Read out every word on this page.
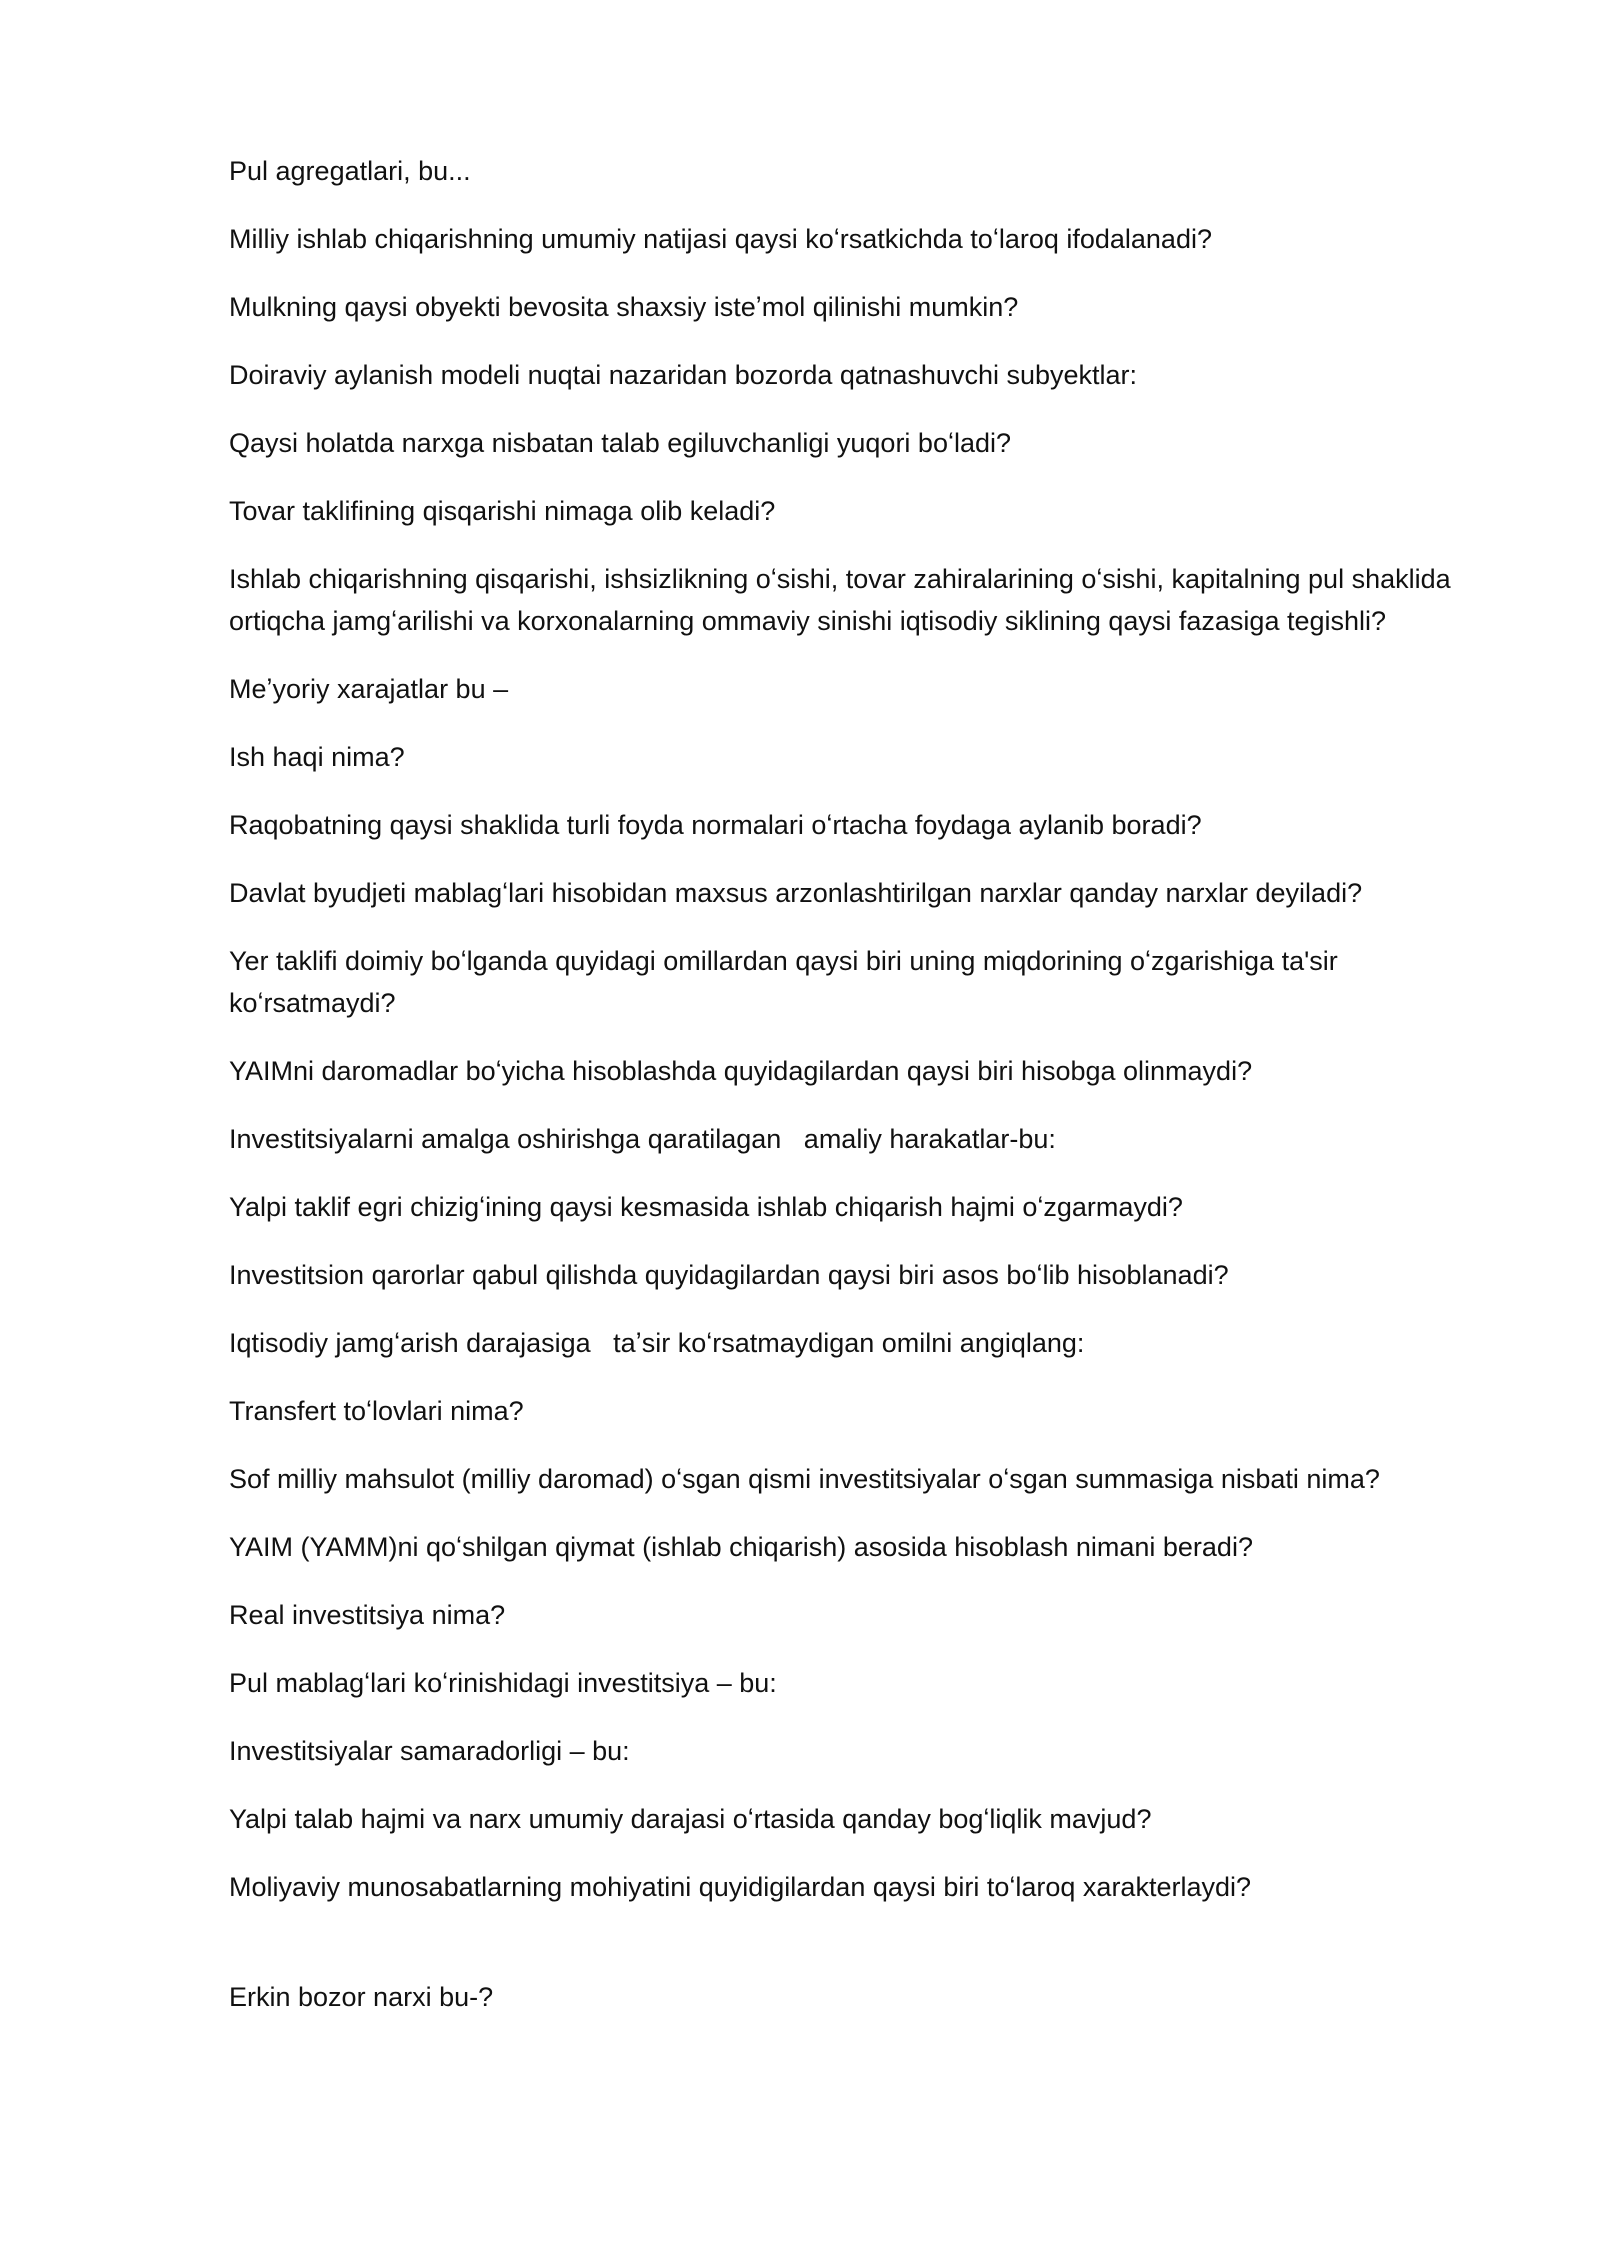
Pul agregatlari, bu...

Milliy ishlab chiqarishning umumiy natijasi qaysi koʻrsatkichda toʻlaroq ifodalanadi?

Mulkning qaysi obyekti bevosita shaxsiy isteʼmol qilinishi mumkin?

Doiraviy aylanish modeli nuqtai nazaridan bozorda qatnashuvchi subyektlar:

Qaysi holatda narxga nisbatan talab egiluvchanligi yuqori boʻladi?

Tovar taklifining qisqarishi nimaga olib keladi?

Ishlab chiqarishning qisqarishi, ishsizlikning oʻsishi, tovar zahiralarining oʻsishi, kapitalning pul shaklida ortiqcha jamgʻarilishi va korxonalarning ommaviy sinishi iqtisodiy siklining qaysi fazasiga tegishli?

Meʼyoriy xarajatlar bu –

Ish haqi nima?

Raqobatning qaysi shaklida turli foyda normalari oʻrtacha foydaga aylanib boradi?

Davlat byudjeti mablagʻlari hisobidan maxsus arzonlashtirilgan narxlar qanday narxlar deyiladi?

Yer taklifi doimiy boʻlganda quyidagi omillardan qaysi biri uning miqdorining oʻzgarishiga ta'sir koʻrsatmaydi?

YAIMni daromadlar boʻyicha hisoblashda quyidagilardan qaysi biri hisobga olinmaydi?

Investitsiyalarni amalga oshirishga qaratilagan   amaliy harakatlar-bu:

Yalpi taklif egri chizigʻining qaysi kesmasida ishlab chiqarish hajmi oʻzgarmaydi?

Investitsion qarorlar qabul qilishda quyidagilardan qaysi biri asos boʻlib hisoblanadi?

Iqtisodiy jamgʻarish darajasiga   taʼsir koʻrsatmaydigan omilni angiqlang:

Transfert toʻlovlari nima?

Sof milliy mahsulot (milliy daromad) oʻsgan qismi investitsiyalar oʻsgan summasiga nisbati nima?

YAIM (YAMM)ni qoʻshilgan qiymat (ishlab chiqarish) asosida hisoblash nimani beradi?

Real investitsiya nima?

Pul mablagʻlari koʻrinishidagi investitsiya – bu:

Investitsiyalar samaradorligi – bu:

Yalpi talab hajmi va narx umumiy darajasi oʻrtasida qanday bogʻliqlik mavjud?

Moliyaviy munosabatlarning mohiyatini quyidigilardan qaysi biri toʻlaroq xarakterlaydi?

Erkin bozor narxi bu-?
